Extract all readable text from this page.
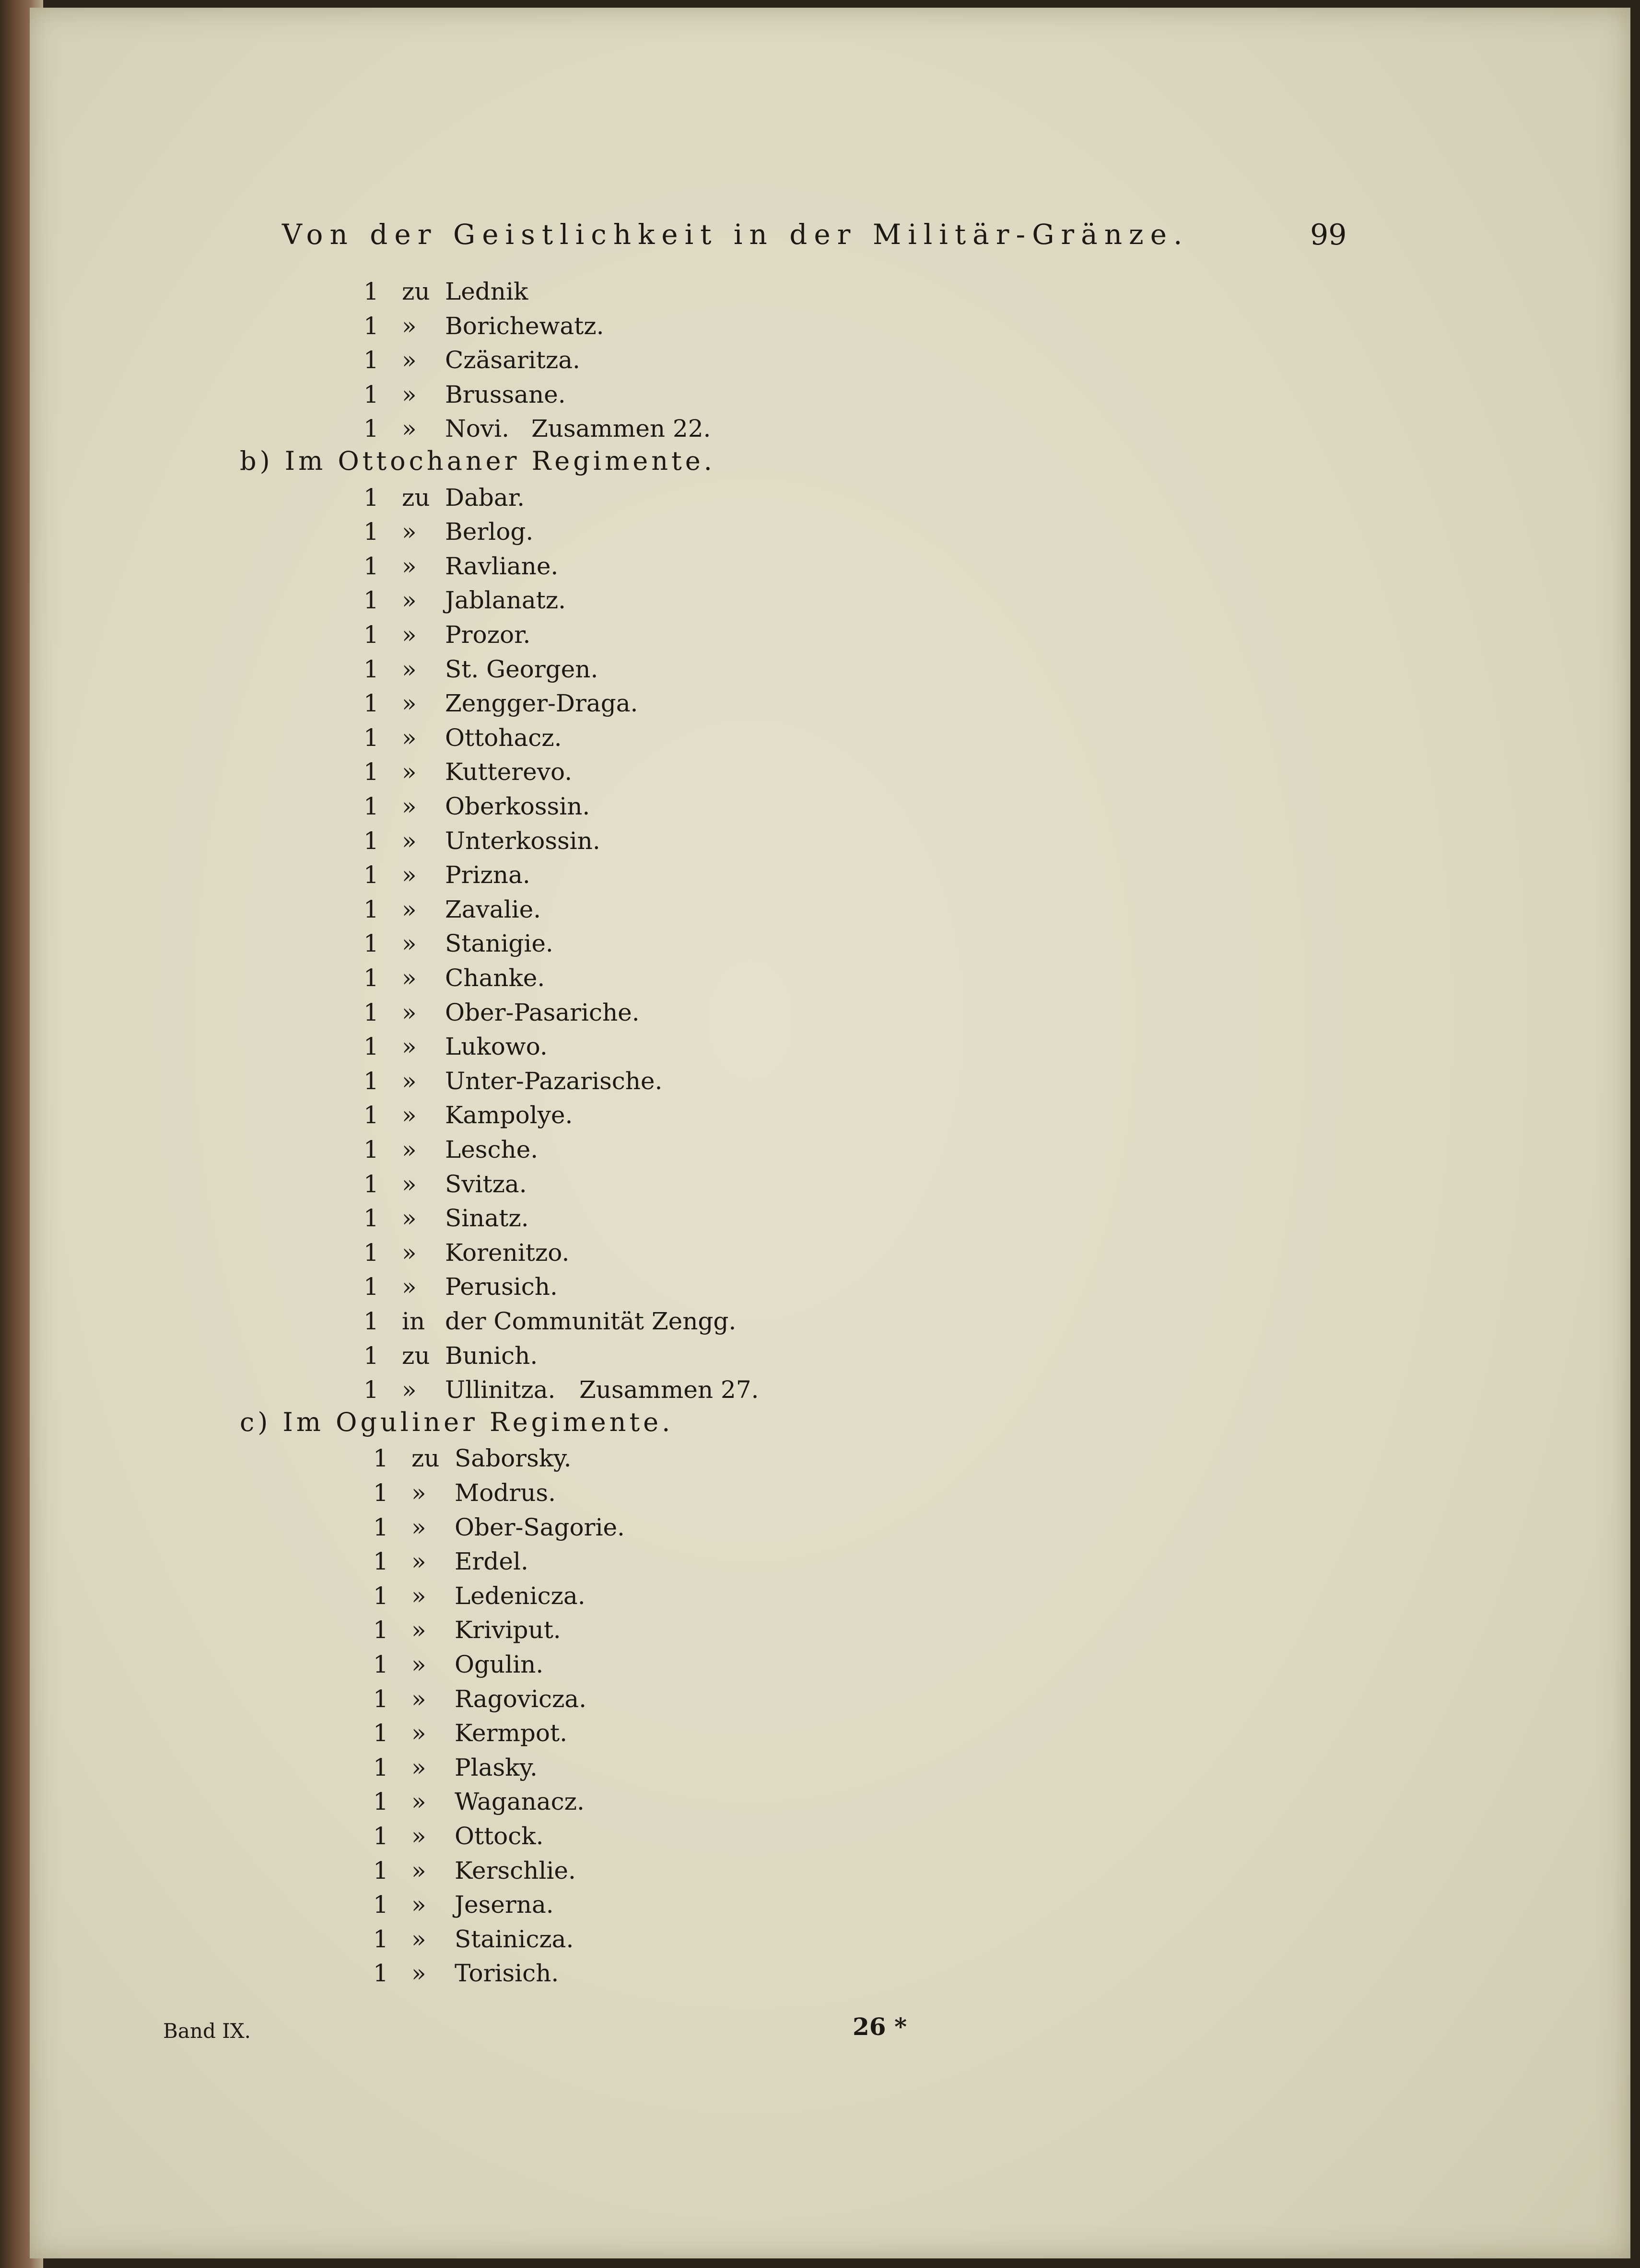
Von der Geistlichkeit in der Militär-Gränze.	99
1 zu Lednik
1 » Borichewatz.
1 » Czäsaritza.
1 » Brussane.
1 » Novi. Zusammen 22.
b) Im Ottochaner Regimente.
1 zu Dabar.
1 » Berlog.
1 » Ravliane.
1 » Jablanatz.
1 » Prozor.
1 » St. Georgen.
1 » Zengger-Draga.
1 » Ottohacz.
1 » Kutterevo.
1 » Oberkossin.
1 » Unterkossin.
1 » Prizna.
1 » Zavalie.
1 » Stanigie.
1 » Chanke.
1 » Ober-Pasariche.
1 » Lukowo.
1 » Unter-Pazarische.
1 » Kampolye.
1 » Lesche.
1 » Svitza.
1 » Sinatz.
1 » Korenitzo.
1 » Perusich.
1 in der Communität Zengg.
1 zu Bunich.
1 » Ullinitza. Zusammen 27.
c) Im Oguliner Regimente.
1 zu Saborsky.
1 » Modrus.
1 » Ober-Sagorie.
1 » Erdel.
1 » Ledenicza.
1 » Kriviput.
1 » Ogulin.
1 » Ragovicza.
1 » Kermpot.
1 » Plasky.
1 » Waganacz.
1 » Ottock.
1 » Kerschlie.
1 » Jeserna.
1 » Stainicza.
1 » Torisich.
Band IX.	26 *
